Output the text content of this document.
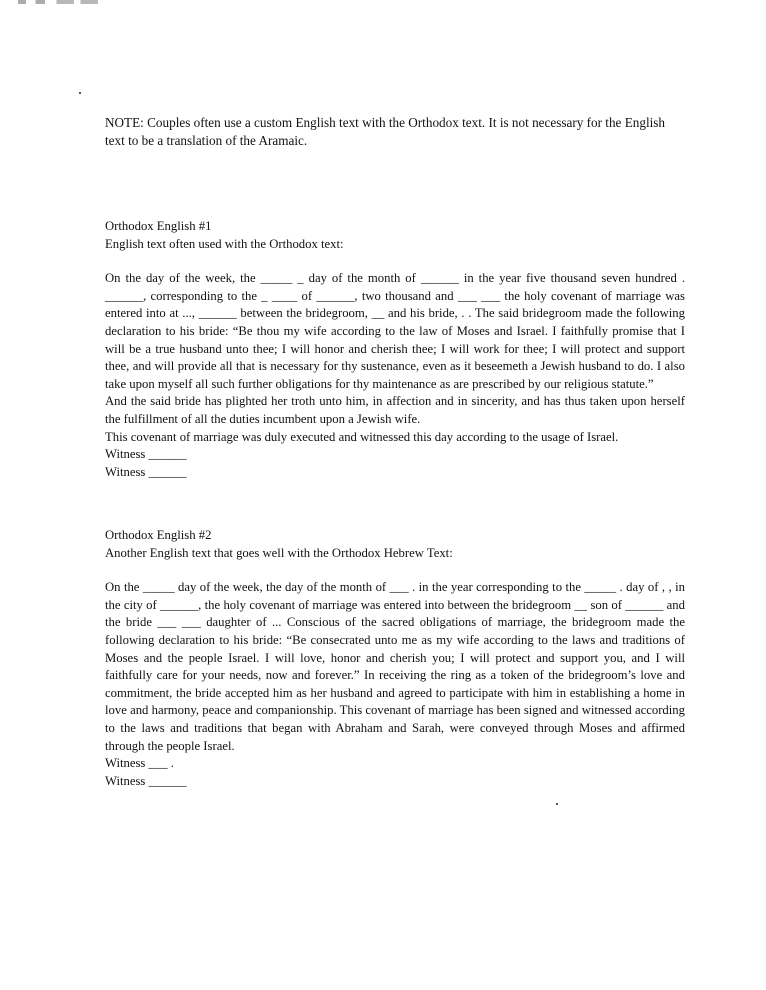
NOTE: Couples often use a custom English text with the Orthodox text. It is not necessary for the English text to be a translation of the Aramaic.

Orthodox English #1

English text often used with the Orthodox text:

On the day of the week, the _____ _ day of the month of ______ in the year five thousand seven hundred . ______, corresponding to the _ ____ of ______, two thousand and ___ ___ the holy covenant of marriage was entered into at ..., ______ between the bridegroom, __ and his bride, . . The said bridegroom made the following declaration to his bride: “Be thou my wife according to the law of Moses and Israel. I faithfully promise that I will be a true husband unto thee; I will honor and cherish thee; I will work for thee; I will protect and support thee, and will provide all that is necessary for thy sustenance, even as it beseemeth a Jewish husband to do. I also take upon myself all such further obligations for thy maintenance as are prescribed by our religious statute.”

And the said bride has plighted her troth unto him, in affection and in sincerity, and has thus taken upon herself the fulfillment of all the duties incumbent upon a Jewish wife.

This covenant of marriage was duly executed and witnessed this day according to the usage of Israel.

Witness ______

Witness ______

Orthodox English #2

Another English text that goes well with the Orthodox Hebrew Text:

On the _____ day of the week, the day of the month of ___ . in the year corresponding to the _____ . day of , , in the city of ______, the holy covenant of marriage was entered into between the bridegroom __ son of ______ and the bride ___ ___ daughter of ... Conscious of the sacred obligations of marriage, the bridegroom made the following declaration to his bride: “Be consecrated unto me as my wife according to the laws and traditions of Moses and the people Israel. I will love, honor and cherish you; I will protect and support you, and I will faithfully care for your needs, now and forever.” In receiving the ring as a token of the bridegroom’s love and commitment, the bride accepted him as her husband and agreed to participate with him in establishing a home in love and harmony, peace and companionship. This covenant of marriage has been signed and witnessed according to the laws and traditions that began with Abraham and Sarah, were conveyed through Moses and affirmed through the people Israel.

Witness ___ .

Witness ______
